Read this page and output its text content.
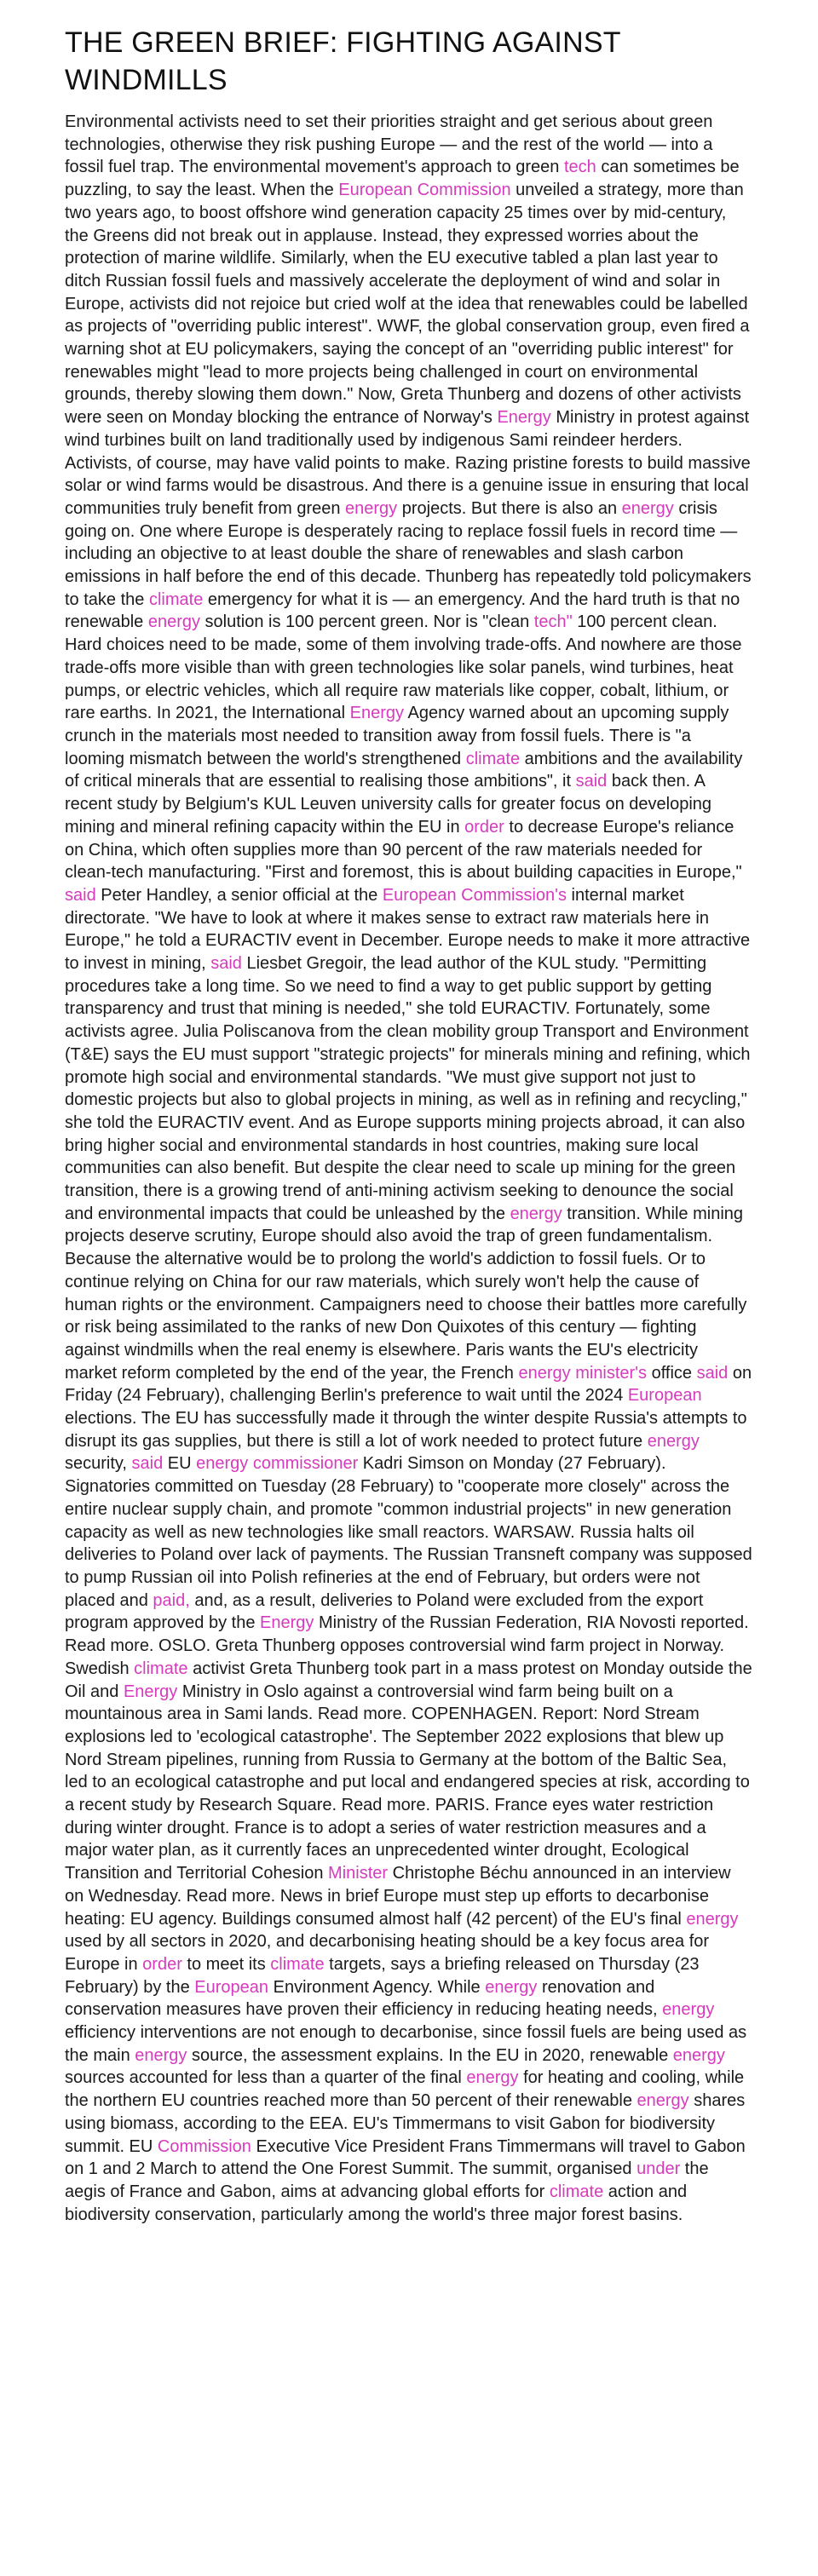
THE GREEN BRIEF: FIGHTING AGAINST WINDMILLS

Environmental activists need to set their priorities straight and get serious about green technologies, otherwise they risk pushing Europe — and the rest of the world — into a fossil fuel trap. The environmental movement's approach to green tech can sometimes be puzzling, to say the least. When the European Commission unveiled a strategy, more than two years ago, to boost offshore wind generation capacity 25 times over by mid-century, the Greens did not break out in applause. Instead, they expressed worries about the protection of marine wildlife. Similarly, when the EU executive tabled a plan last year to ditch Russian fossil fuels and massively accelerate the deployment of wind and solar in Europe, activists did not rejoice but cried wolf at the idea that renewables could be labelled as projects of "overriding public interest". WWF, the global conservation group, even fired a warning shot at EU policymakers, saying the concept of an "overriding public interest" for renewables might "lead to more projects being challenged in court on environmental grounds, thereby slowing them down." Now, Greta Thunberg and dozens of other activists were seen on Monday blocking the entrance of Norway's Energy Ministry in protest against wind turbines built on land traditionally used by indigenous Sami reindeer herders. Activists, of course, may have valid points to make. Razing pristine forests to build massive solar or wind farms would be disastrous. And there is a genuine issue in ensuring that local communities truly benefit from green energy projects. But there is also an energy crisis going on. One where Europe is desperately racing to replace fossil fuels in record time — including an objective to at least double the share of renewables and slash carbon emissions in half before the end of this decade. Thunberg has repeatedly told policymakers to take the climate emergency for what it is — an emergency. And the hard truth is that no renewable energy solution is 100 percent green. Nor is "clean tech" 100 percent clean. Hard choices need to be made, some of them involving trade-offs. And nowhere are those trade-offs more visible than with green technologies like solar panels, wind turbines, heat pumps, or electric vehicles, which all require raw materials like copper, cobalt, lithium, or rare earths. In 2021, the International Energy Agency warned about an upcoming supply crunch in the materials most needed to transition away from fossil fuels. There is "a looming mismatch between the world's strengthened climate ambitions and the availability of critical minerals that are essential to realising those ambitions", it said back then. A recent study by Belgium's KUL Leuven university calls for greater focus on developing mining and mineral refining capacity within the EU in order to decrease Europe's reliance on China, which often supplies more than 90 percent of the raw materials needed for clean-tech manufacturing. "First and foremost, this is about building capacities in Europe," said Peter Handley, a senior official at the European Commission's internal market directorate. "We have to look at where it makes sense to extract raw materials here in Europe," he told a EURACTIV event in December. Europe needs to make it more attractive to invest in mining, said Liesbet Gregoir, the lead author of the KUL study. "Permitting procedures take a long time. So we need to find a way to get public support by getting transparency and trust that mining is needed," she told EURACTIV. Fortunately, some activists agree. Julia Poliscanova from the clean mobility group Transport and Environment (T&E) says the EU must support "strategic projects" for minerals mining and refining, which promote high social and environmental standards. "We must give support not just to domestic projects but also to global projects in mining, as well as in refining and recycling," she told the EURACTIV event. And as Europe supports mining projects abroad, it can also bring higher social and environmental standards in host countries, making sure local communities can also benefit. But despite the clear need to scale up mining for the green transition, there is a growing trend of anti-mining activism seeking to denounce the social and environmental impacts that could be unleashed by the energy transition. While mining projects deserve scrutiny, Europe should also avoid the trap of green fundamentalism. Because the alternative would be to prolong the world's addiction to fossil fuels. Or to continue relying on China for our raw materials, which surely won't help the cause of human rights or the environment. Campaigners need to choose their battles more carefully or risk being assimilated to the ranks of new Don Quixotes of this century — fighting against windmills when the real enemy is elsewhere. Paris wants the EU's electricity market reform completed by the end of the year, the French energy minister's office said on Friday (24 February), challenging Berlin's preference to wait until the 2024 European elections. The EU has successfully made it through the winter despite Russia's attempts to disrupt its gas supplies, but there is still a lot of work needed to protect future energy security, said EU energy commissioner Kadri Simson on Monday (27 February). Signatories committed on Tuesday (28 February) to "cooperate more closely" across the entire nuclear supply chain, and promote "common industrial projects" in new generation capacity as well as new technologies like small reactors. WARSAW. Russia halts oil deliveries to Poland over lack of payments. The Russian Transneft company was supposed to pump Russian oil into Polish refineries at the end of February, but orders were not placed and paid, and, as a result, deliveries to Poland were excluded from the export program approved by the Energy Ministry of the Russian Federation, RIA Novosti reported. Read more. OSLO. Greta Thunberg opposes controversial wind farm project in Norway. Swedish climate activist Greta Thunberg took part in a mass protest on Monday outside the Oil and Energy Ministry in Oslo against a controversial wind farm being built on a mountainous area in Sami lands. Read more. COPENHAGEN. Report: Nord Stream explosions led to 'ecological catastrophe'. The September 2022 explosions that blew up Nord Stream pipelines, running from Russia to Germany at the bottom of the Baltic Sea, led to an ecological catastrophe and put local and endangered species at risk, according to a recent study by Research Square. Read more. PARIS. France eyes water restriction during winter drought. France is to adopt a series of water restriction measures and a major water plan, as it currently faces an unprecedented winter drought, Ecological Transition and Territorial Cohesion Minister Christophe Béchu announced in an interview on Wednesday. Read more. News in brief Europe must step up efforts to decarbonise heating: EU agency. Buildings consumed almost half (42 percent) of the EU's final energy used by all sectors in 2020, and decarbonising heating should be a key focus area for Europe in order to meet its climate targets, says a briefing released on Thursday (23 February) by the European Environment Agency. While energy renovation and conservation measures have proven their efficiency in reducing heating needs, energy efficiency interventions are not enough to decarbonise, since fossil fuels are being used as the main energy source, the assessment explains. In the EU in 2020, renewable energy sources accounted for less than a quarter of the final energy for heating and cooling, while the northern EU countries reached more than 50 percent of their renewable energy shares using biomass, according to the EEA. EU's Timmermans to visit Gabon for biodiversity summit. EU Commission Executive Vice President Frans Timmermans will travel to Gabon on 1 and 2 March to attend the One Forest Summit. The summit, organised under the aegis of France and Gabon, aims at advancing global efforts for climate action and biodiversity conservation, particularly among the world's three major forest basins.
